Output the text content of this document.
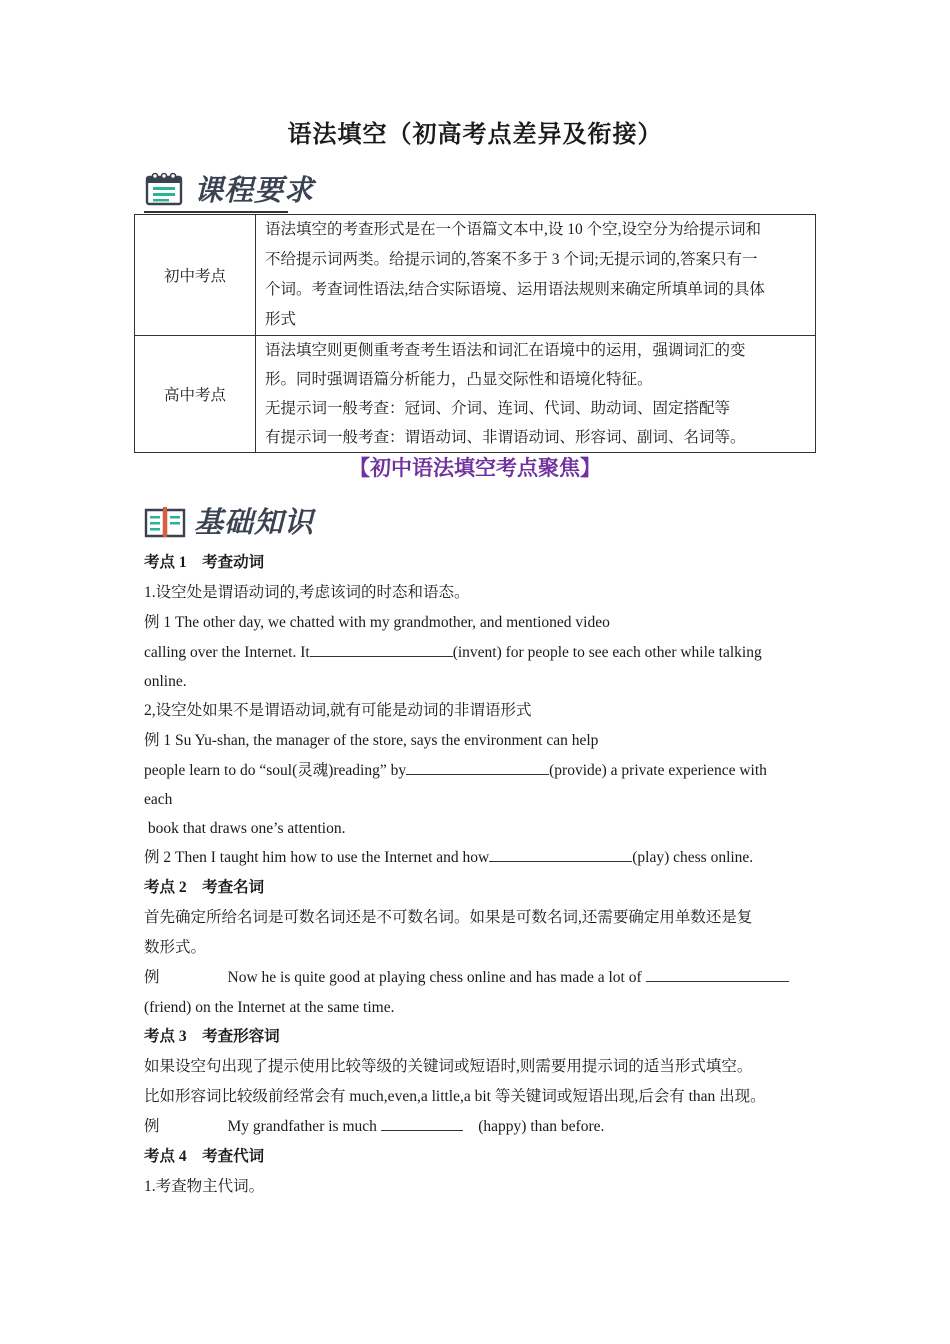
语法填空（初高考点差异及衔接）
课程要求
初中考点	语法填空的考查形式是在一个语篇文本中,设 10 个空,设空分为给提示词和
不给提示词两类。给提示词的,答案不多于 3 个词;无提示词的,答案只有一
个词。考查词性语法,结合实际语境、运用语法规则来确定所填单词的具体
形式

高中考点	语法填空则更侧重考查考生语法和词汇在语境中的运用，强调词汇的变
形。同时强调语篇分析能力，凸显交际性和语境化特征。
无提示词一般考查：冠词、介词、连词、代词、助动词、固定搭配等
有提示词一般考查：谓语动词、非谓语动词、形容词、副词、名词等。
【初中语法填空考点聚焦】
基础知识

考点 1　考查动词

1.设空处是谓语动词的,考虑该词的时态和语态。

例 1 The other day, we chatted with my grandmother, and mentioned video

calling over the Internet. It	(invent) for people to see each other while talking

online.

2,设空处如果不是谓语动词,就有可能是动词的非谓语形式

例 1 Su Yu-shan, the manager of the store, says the environment can help

people learn to do “soul(灵魂)reading” by	(provide) a private experience with

each

book that draws one’s attention.

例 2 Then I taught him how to use the Internet and how	(play) chess online.

考点 2　考查名词

首先确定所给名词是可数名词还是不可数名词。如果是可数名词,还需要确定用单数还是复

数形式。

例	Now he is quite good at playing chess online and has made a lot of

(friend) on the Internet at the same time.

考点 3　考查形容词

如果设空句出现了提示使用比较等级的关键词或短语时,则需要用提示词的适当形式填空。

比如形容词比较级前经常会有 much,even,a little,a bit 等关键词或短语出现,后会有 than 出现。

例	My grandfather is much	(happy) than before.

考点 4　考查代词

1.考查物主代词。
